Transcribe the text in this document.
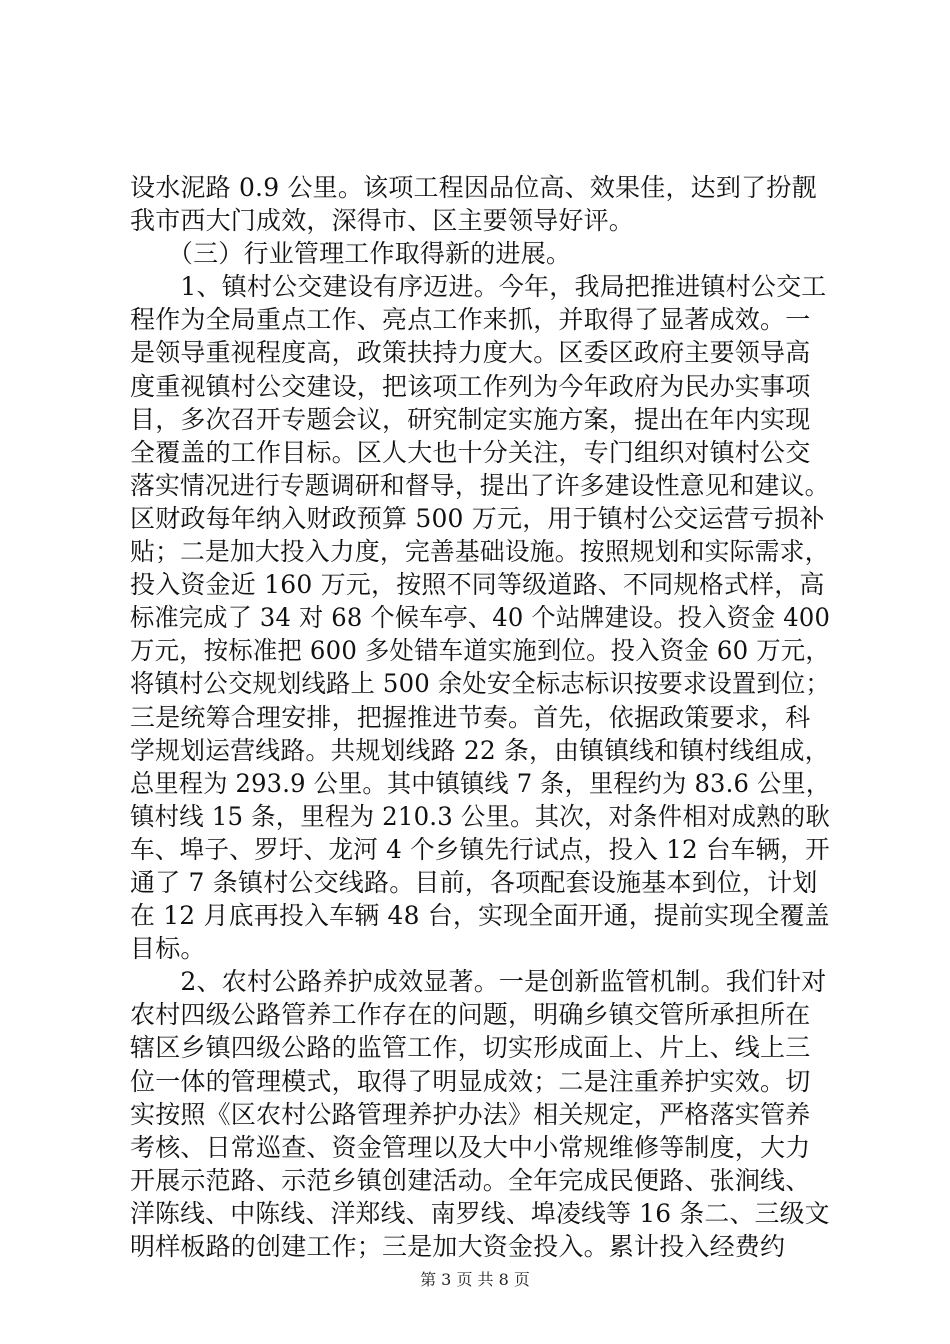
设水泥路 0.9 公里。该项工程因品位高、效果佳，达到了扮靓
我市西大门成效，深得市、区主要领导好评。
　　（三）行业管理工作取得新的进展。
　　1、镇村公交建设有序迈进。今年，我局把推进镇村公交工
程作为全局重点工作、亮点工作来抓，并取得了显著成效。一
是领导重视程度高，政策扶持力度大。区委区政府主要领导高
度重视镇村公交建设，把该项工作列为今年政府为民办实事项
目，多次召开专题会议，研究制定实施方案，提出在年内实现
全覆盖的工作目标。区人大也十分关注，专门组织对镇村公交
落实情况进行专题调研和督导，提出了许多建设性意见和建议。
区财政每年纳入财政预算 500 万元，用于镇村公交运营亏损补
贴；二是加大投入力度，完善基础设施。按照规划和实际需求，
投入资金近 160 万元，按照不同等级道路、不同规格式样，高
标准完成了 34 对 68 个候车亭、40 个站牌建设。投入资金 400
万元，按标准把 600 多处错车道实施到位。投入资金 60 万元，
将镇村公交规划线路上 500 余处安全标志标识按要求设置到位；
三是统筹合理安排，把握推进节奏。首先，依据政策要求，科
学规划运营线路。共规划线路 22 条，由镇镇线和镇村线组成，
总里程为 293.9 公里。其中镇镇线 7 条，里程约为 83.6 公里，
镇村线 15 条，里程为 210.3 公里。其次，对条件相对成熟的耿
车、埠子、罗圩、龙河 4 个乡镇先行试点，投入 12 台车辆，开
通了 7 条镇村公交线路。目前，各项配套设施基本到位，计划
在 12 月底再投入车辆 48 台，实现全面开通，提前实现全覆盖
目标。
　　2、农村公路养护成效显著。一是创新监管机制。我们针对
农村四级公路管养工作存在的问题，明确乡镇交管所承担所在
辖区乡镇四级公路的监管工作，切实形成面上、片上、线上三
位一体的管理模式，取得了明显成效；二是注重养护实效。切
实按照《区农村公路管理养护办法》相关规定，严格落实管养
考核、日常巡查、资金管理以及大中小常规维修等制度，大力
开展示范路、示范乡镇创建活动。全年完成民便路、张涧线、
洋陈线、中陈线、洋郑线、南罗线、埠凌线等 16 条二、三级文
明样板路的创建工作；三是加大资金投入。累计投入经费约
第 3 页 共 8 页
